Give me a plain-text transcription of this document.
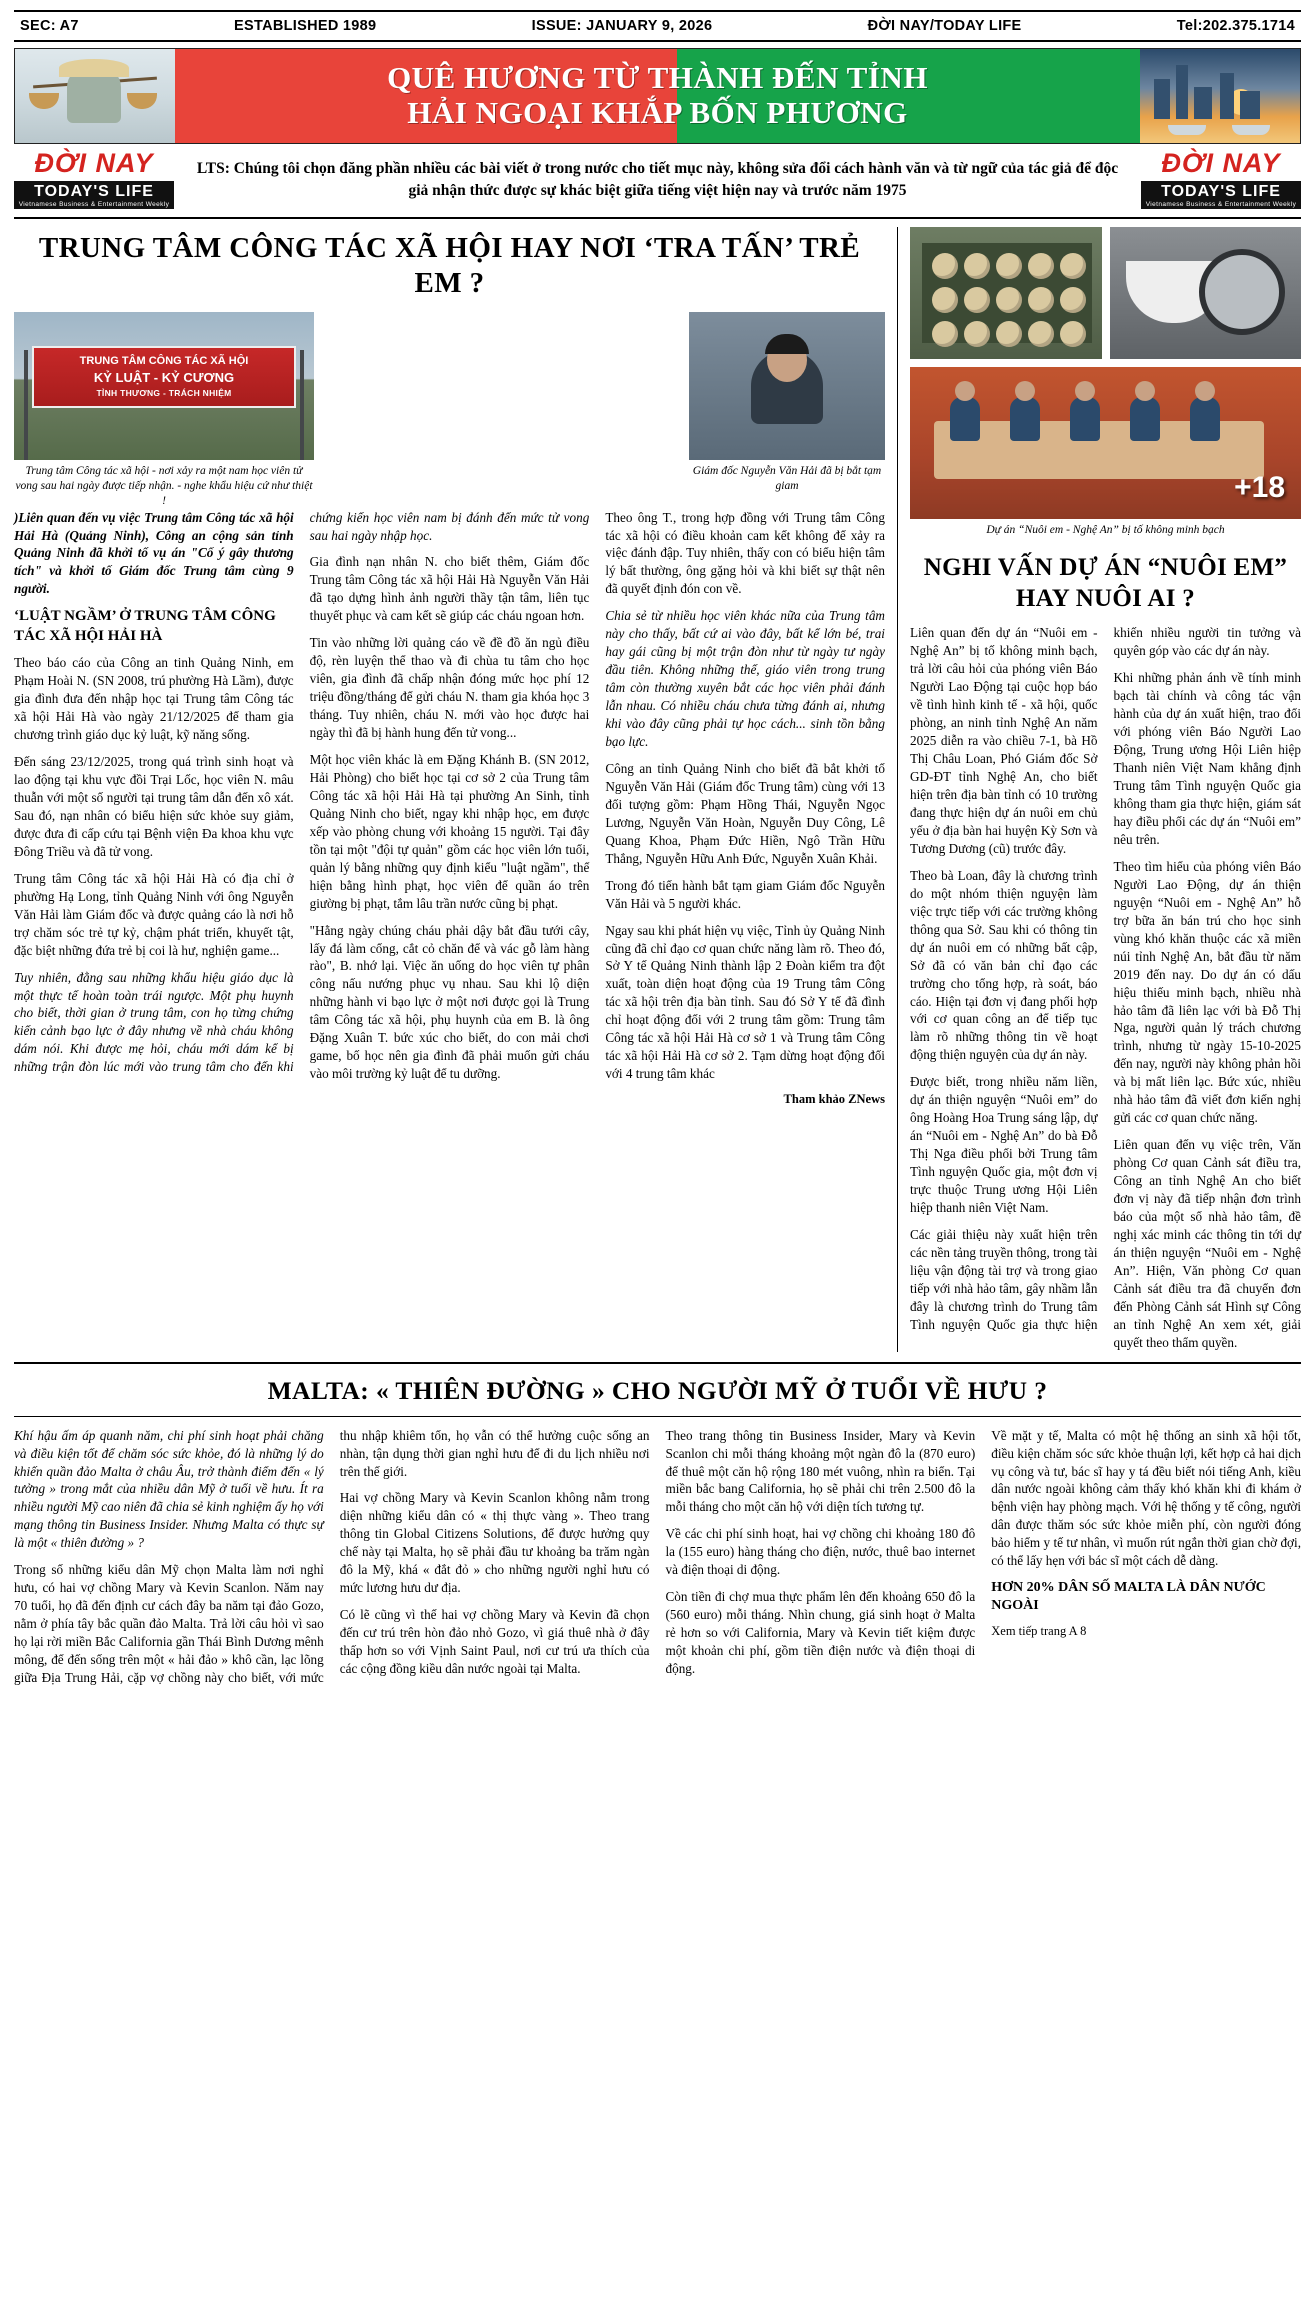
SEC: A7	ESTABLISHED 1989	ISSUE: JANUARY 9, 2026	ĐỜI NAY/TODAY LIFE	Tel:202.375.1714
QUÊ HƯƠNG TỪ THÀNH ĐẾN TỈNH
HẢI NGOẠI KHẮP BỐN PHƯƠNG
ĐỜI NAY
TODAY'S LIFE
Vietnamese Business & Entertainment Weekly
LTS: Chúng tôi chọn đăng phần nhiều các bài viết ở trong nước cho tiết mục này, không sửa đổi cách hành văn và từ ngữ của tác giả để độc giả nhận thức được sự khác biệt giữa tiếng việt hiện nay và trước năm 1975
ĐỜI NAY
TODAY'S LIFE
Vietnamese Business & Entertainment Weekly
TRUNG TÂM CÔNG TÁC XÃ HỘI HAY NƠI ‘TRA TẤN’ TRẺ EM ?
TRUNG TÂM CÔNG TÁC XÃ HỘI
KỶ LUẬT - KỶ CƯƠNG
TỈNH THƯƠNG - TRÁCH NHIỆM
Trung tâm Công tác xã hội - nơi xảy ra một nam học viên tử vong sau hai ngày được tiếp nhận. - nghe khẩu hiệu cứ như thiệt !
Giám đốc Nguyễn Văn Hải đã bị bắt tạm giam

)Liên quan đến vụ việc Trung tâm Công tác xã hội Hải Hà (Quảng Ninh), Công an cộng sản tỉnh Quảng Ninh đã khởi tố vụ án "Cố ý gây thương tích" và khởi tố Giám đốc Trung tâm cùng 9 người.

‘LUẬT NGẦM’ Ở TRUNG TÂM CÔNG TÁC XÃ HỘI HẢI HÀ

Theo báo cáo của Công an tinh Quảng Ninh, em Phạm Hoài N. (SN 2008, trú phường Hà Lầm), được gia đình đưa đến nhập học tại Trung tâm Công tác xã hội Hải Hà vào ngày 21/12/2025 để tham gia chương trình giáo dục kỷ luật, kỹ năng sống.

Đến sáng 23/12/2025, trong quá trình sinh hoạt và lao động tại khu vực đồi Trại Lốc, học viên N. mâu thuẫn với một số người tại trung tâm dẫn đến xô xát. Sau đó, nạn nhân có biểu hiện sức khỏe suy giảm, được đưa đi cấp cứu tại Bệnh viện Đa khoa khu vực Đông Triều và đã tử vong.

Trung tâm Công tác xã hội Hải Hà có địa chỉ ở phường Hạ Long, tỉnh Quảng Ninh với ông Nguyễn Văn Hải làm Giám đốc và được quảng cáo là nơi hỗ trợ chăm sóc trẻ tự kỷ, chậm phát triển, khuyết tật, đặc biệt những đứa trẻ bị coi là hư, nghiện game...

Tuy nhiên, đằng sau những khẩu hiệu giáo dục là một thực tế hoàn toàn trái ngược. Một phụ huynh cho biết, thời gian ở trung tâm, con họ từng chứng kiến cảnh bạo lực ở đây nhưng về nhà cháu không dám nói. Khi được mẹ hỏi, cháu mới dám kể bị những trận đòn lúc mới vào trung tâm cho đến khi chứng kiến học viên nam bị đánh đến mức tử vong sau hai ngày nhập học.

Gia đình nạn nhân N. cho biết thêm, Giám đốc Trung tâm Công tác xã hội Hải Hà Nguyễn Văn Hải đã tạo dựng hình ảnh người thầy tận tâm, liên tục thuyết phục và cam kết sẽ giúp các cháu ngoan hơn.

Tin vào những lời quảng cáo về đề đồ ăn ngủ điều độ, rèn luyện thể thao và đi chùa tu tâm cho học viên, gia đình đã chấp nhận đóng mức học phí 12 triệu đồng/tháng để gửi cháu N. tham gia khóa học 3 tháng. Tuy nhiên, cháu N. mới vào học được hai ngày thì đã bị hành hung đến tử vong...

Một học viên khác là em Đặng Khánh B. (SN 2012, Hải Phòng) cho biết học tại cơ sở 2 của Trung tâm Công tác xã hội Hải Hà tại phường An Sinh, tỉnh Quảng Ninh cho biết, ngay khi nhập học, em được xếp vào phòng chung với khoảng 15 người. Tại đây tồn tại một "đội tự quản" gồm các học viên lớn tuổi, quản lý bằng những quy định kiểu "luật ngầm", thể hiện bằng hình phạt, học viên để quần áo trên giường bị phạt, tắm lâu trần nước cũng bị phạt.

"Hằng ngày chúng cháu phải dậy bắt đầu tưới cây, lấy đá làm cổng, cắt cỏ chăn để và vác gỗ làm hàng rào", B. nhớ lại. Việc ăn uống do học viên tự phân công nấu nướng phục vụ nhau. Sau khi lộ diện những hành vi bạo lực ở một nơi được gọi là Trung tâm Công tác xã hội, phụ huynh của em B. là ông Đặng Xuân T. bức xúc cho biết, do con mải chơi game, bố học nên gia đình đã phải muốn gửi cháu vào môi trường kỷ luật để tu dưỡng.

Theo ông T., trong hợp đồng với Trung tâm Công tác xã hội có điều khoản cam kết không để xảy ra việc đánh đập. Tuy nhiên, thấy con có biểu hiện tâm lý bất thường, ông gặng hỏi và khi biết sự thật nên đã quyết định đón con về.

Chia sẻ từ nhiều học viên khác nữa của Trung tâm này cho thấy, bất cứ ai vào đây, bất kể lớn bé, trai hay gái cũng bị một trận đòn như từ ngày tư ngày đầu tiên. Không những thế, giáo viên trong trung tâm còn thường xuyên bắt các học viên phải đánh lẫn nhau. Có nhiều cháu chưa từng đánh ai, nhưng khi vào đây cũng phải tự học cách... sinh tồn bằng bạo lực.

Công an tỉnh Quảng Ninh cho biết đã bắt khởi tố Nguyễn Văn Hải (Giám đốc Trung tâm) cùng với 13 đối tượng gồm: Phạm Hồng Thái, Nguyễn Ngọc Lương, Nguyễn Văn Hoàn, Nguyễn Duy Công, Lê Quang Khoa, Phạm Đức Hiền, Ngô Trần Hữu Thắng, Nguyễn Hữu Anh Đức, Nguyễn Xuân Khải.

Trong đó tiến hành bắt tạm giam Giám đốc Nguyễn Văn Hải và 5 người khác.

Ngay sau khi phát hiện vụ việc, Tỉnh ủy Quảng Ninh cũng đã chỉ đạo cơ quan chức năng làm rõ. Theo đó, Sở Y tế Quảng Ninh thành lập 2 Đoàn kiểm tra đột xuất, toàn diện hoạt động của 19 Trung tâm Công tác xã hội trên địa bàn tỉnh. Sau đó Sở Y tế đã đình chỉ hoạt động đối với 2 trung tâm gồm: Trung tâm Công tác xã hội Hải Hà cơ sở 1 và Trung tâm Công tác xã hội Hải Hà cơ sở 2. Tạm dừng hoạt động đối với 4 trung tâm khác

Tham khảo ZNews
+18
Dự án “Nuôi em - Nghệ An” bị tố không minh bạch
NGHI VẤN DỰ ÁN “NUÔI EM” HAY NUÔI AI ?

Liên quan đến dự án “Nuôi em - Nghệ An” bị tố không minh bạch, trả lời câu hỏi của phóng viên Báo Người Lao Động tại cuộc họp báo về tình hình kinh tế - xã hội, quốc phòng, an ninh tỉnh Nghệ An năm 2025 diễn ra vào chiều 7-1, bà Hồ Thị Châu Loan, Phó Giám đốc Sở GD-ĐT tỉnh Nghệ An, cho biết hiện trên địa bàn tỉnh có 10 trường đang thực hiện dự án nuôi em chủ yếu ở địa bàn hai huyện Kỳ Sơn và Tương Dương (cũ) trước đây.

Theo bà Loan, đây là chương trình do một nhóm thiện nguyện làm việc trực tiếp với các trường không thông qua Sở. Sau khi có thông tin dự án nuôi em có những bất cập, Sở đã có văn bản chỉ đạo các trường cho tổng hợp, rà soát, báo cáo. Hiện tại đơn vị đang phối hợp với cơ quan công an để tiếp tục làm rõ những thông tin về hoạt động thiện nguyện của dự án này.

Được biết, trong nhiều năm liền, dự án thiện nguyện “Nuôi em” do ông Hoàng Hoa Trung sáng lập, dự án “Nuôi em - Nghệ An” do bà Đỗ Thị Nga điều phối bởi Trung tâm Tình nguyện Quốc gia, một đơn vị trực thuộc Trung ương Hội Liên hiệp thanh niên Việt Nam.

Các giải thiệu này xuất hiện trên các nền tảng truyền thông, trong tài liệu vận động tài trợ và trong giao tiếp với nhà hảo tâm, gây nhầm lẫn đây là chương trình do Trung tâm Tình nguyện Quốc gia thực hiện khiến nhiều người tin tưởng và quyên góp vào các dự án này.

Khi những phản ánh về tính minh bạch tài chính và công tác vận hành của dự án xuất hiện, trao đổi với phóng viên Báo Người Lao Động, Trung ương Hội Liên hiệp Thanh niên Việt Nam khẳng định Trung tâm Tình nguyện Quốc gia không tham gia thực hiện, giám sát hay điều phối các dự án “Nuôi em” nêu trên.

Theo tìm hiểu của phóng viên Báo Người Lao Động, dự án thiện nguyện “Nuôi em - Nghệ An” hỗ trợ bữa ăn bán trú cho học sinh vùng khó khăn thuộc các xã miền núi tỉnh Nghệ An, bắt đầu từ năm 2019 đến nay. Do dự án có dấu hiệu thiếu minh bạch, nhiều nhà hảo tâm đã liên lạc với bà Đỗ Thị Nga, người quản lý trách chương trình, nhưng từ ngày 15-10-2025 đến nay, người này không phản hồi và bị mất liên lạc. Bức xúc, nhiều nhà hảo tâm đã viết đơn kiến nghị gửi các cơ quan chức năng.

Liên quan đến vụ việc trên, Văn phòng Cơ quan Cảnh sát điều tra, Công an tỉnh Nghệ An cho biết đơn vị này đã tiếp nhận đơn trình báo của một số nhà hảo tâm, đề nghị xác minh các thông tin tới dự án thiện nguyện “Nuôi em - Nghệ An”. Hiện, Văn phòng Cơ quan Cảnh sát điều tra đã chuyển đơn đến Phòng Cảnh sát Hình sự Công an tỉnh Nghệ An xem xét, giải quyết theo thẩm quyền.

MALTA: « THIÊN ĐƯỜNG » CHO NGƯỜI MỸ Ở TUỔI VỀ HƯU ?

Khí hậu ấm áp quanh năm, chi phí sinh hoạt phải chăng và điều kiện tốt để chăm sóc sức khỏe, đó là những lý do khiến quần đảo Malta ở châu Âu, trở thành điểm đến « lý tưởng » trong mắt của nhiều dân Mỹ ở tuổi về hưu. Ít ra nhiều người Mỹ cao niên đã chia sẻ kinh nghiệm ấy họ với mạng thông tin Business Insider. Nhưng Malta có thực sự là một « thiên đường » ?

Trong số những kiểu dân Mỹ chọn Malta làm nơi nghỉ hưu, có hai vợ chồng Mary và Kevin Scanlon. Năm nay 70 tuổi, họ đã đến định cư cách đây ba năm tại đảo Gozo, nằm ở phía tây bắc quần đảo Malta. Trả lời câu hỏi vì sao họ lại rời miền Bắc California gần Thái Bình Dương mênh mông, để đến sống trên một « hải đảo » khô cần, lạc lõng giữa Địa Trung Hải, cặp vợ chồng này cho biết, với mức thu nhập khiêm tốn, họ vẫn có thể hưởng cuộc sống an nhàn, tận dụng thời gian nghỉ hưu để đi du lịch nhiều nơi trên thế giới.

Hai vợ chồng Mary và Kevin Scanlon không nằm trong diện những kiểu dân có « thị thực vàng ». Theo trang thông tin Global Citizens Solutions, để được hưởng quy chế này tại Malta, họ sẽ phải đầu tư khoảng ba trăm ngàn đô la Mỹ, khá « đắt đỏ » cho những người nghỉ hưu có mức lương hưu dư địa.

Có lẽ cũng vì thế hai vợ chồng Mary và Kevin đã chọn đến cư trú trên hòn đảo nhỏ Gozo, vì giá thuê nhà ở đây thấp hơn so với Vịnh Saint Paul, nơi cư trú ưa thích của các cộng đồng kiều dân nước ngoài tại Malta.

Theo trang thông tin Business Insider, Mary và Kevin Scanlon chi mỗi tháng khoảng một ngàn đô la (870 euro) để thuê một căn hộ rộng 180 mét vuông, nhìn ra biển. Tại miền bắc bang California, họ sẽ phải chi trên 2.500 đô la mỗi tháng cho một căn hộ với diện tích tương tự.

Về các chi phí sinh hoạt, hai vợ chồng chi khoảng 180 đô la (155 euro) hàng tháng cho điện, nước, thuê bao internet và điện thoại di động.

Còn tiền đi chợ mua thực phẩm lên đến khoảng 650 đô la (560 euro) mỗi tháng. Nhìn chung, giá sinh hoạt ở Malta rẻ hơn so với California, Mary và Kevin tiết kiệm được một khoản chi phí, gồm tiền điện nước và điện thoại di động.

Về mặt y tế, Malta có một hệ thống an sinh xã hội tốt, điều kiện chăm sóc sức khỏe thuận lợi, kết hợp cả hai dịch vụ công và tư, bác sĩ hay y tá đều biết nói tiếng Anh, kiều dân nước ngoài không cảm thấy khó khăn khi đi khám ở bệnh viện hay phòng mạch. Với hệ thống y tế công, người dân được thăm sóc sức khỏe miễn phí, còn người đóng bảo hiểm y tế tư nhân, vì muốn rút ngắn thời gian chờ đợi, có thể lấy hẹn với bác sĩ một cách dễ dàng.

HƠN 20% DÂN SỐ MALTA LÀ DÂN NƯỚC NGOÀI
Xem tiếp trang A 8
